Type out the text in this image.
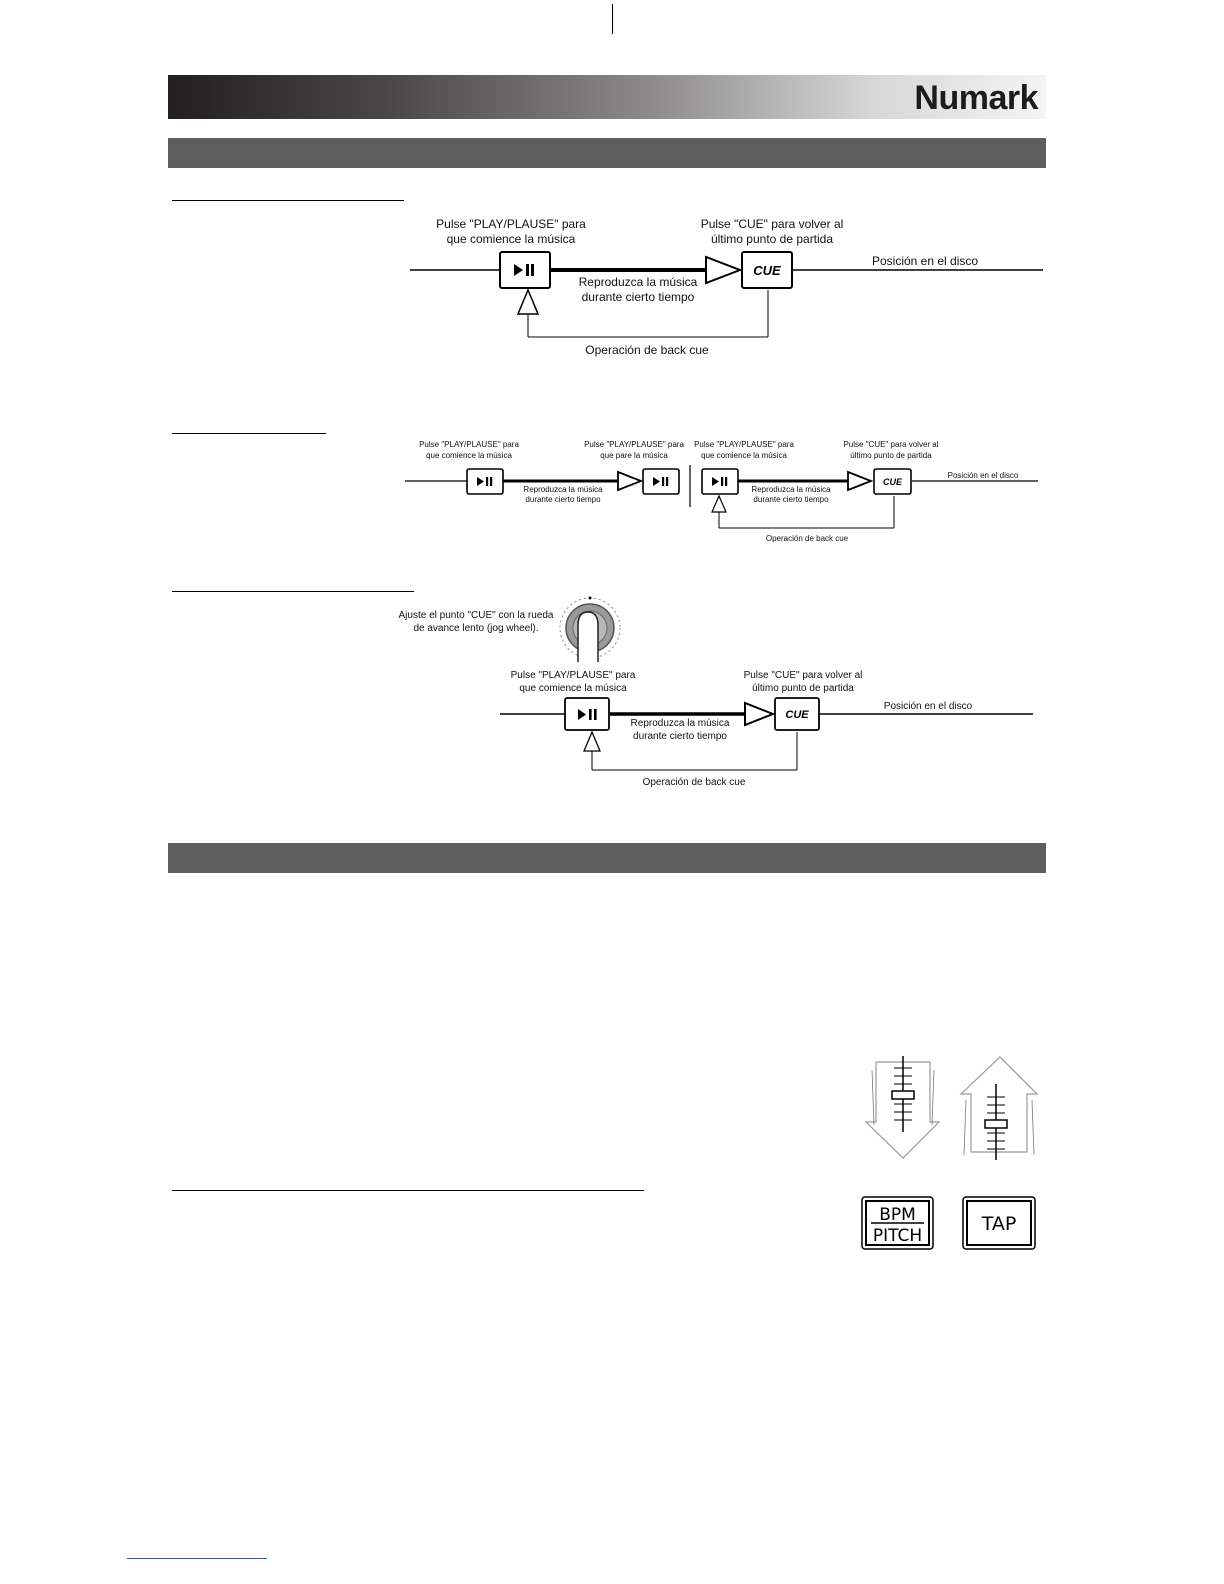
Numark
Pulse "PLAY/PLAUSE" para
que comience la música
Pulse "CUE" para volver al
último punto de partida
Posición en el disco
Reproduzca la música
durante cierto tiempo
Operación de back cue
CUE
Pulse "PLAY/PLAUSE" para
que comience la música
Pulse "PLAY/PLAUSE" para
que pare la música
Pulse "PLAY/PLAUSE" para
que comience la música
Pulse "CUE" para volver al
último punto de partida
Posición en el disco
Reproduzca la música
durante cierto tiempo
Reproduzca la música
durante cierto tiempo
Operación de back cue
CUE
Ajuste el punto "CUE" con la rueda
de avance lento (jog wheel).
Pulse "PLAY/PLAUSE" para
que comience la música
Pulse "CUE" para volver al
último punto de partida
Posición en el disco
Reproduzca la música
durante cierto tiempo
Operación de back cue
CUE
BPM
PITCH
TAP
